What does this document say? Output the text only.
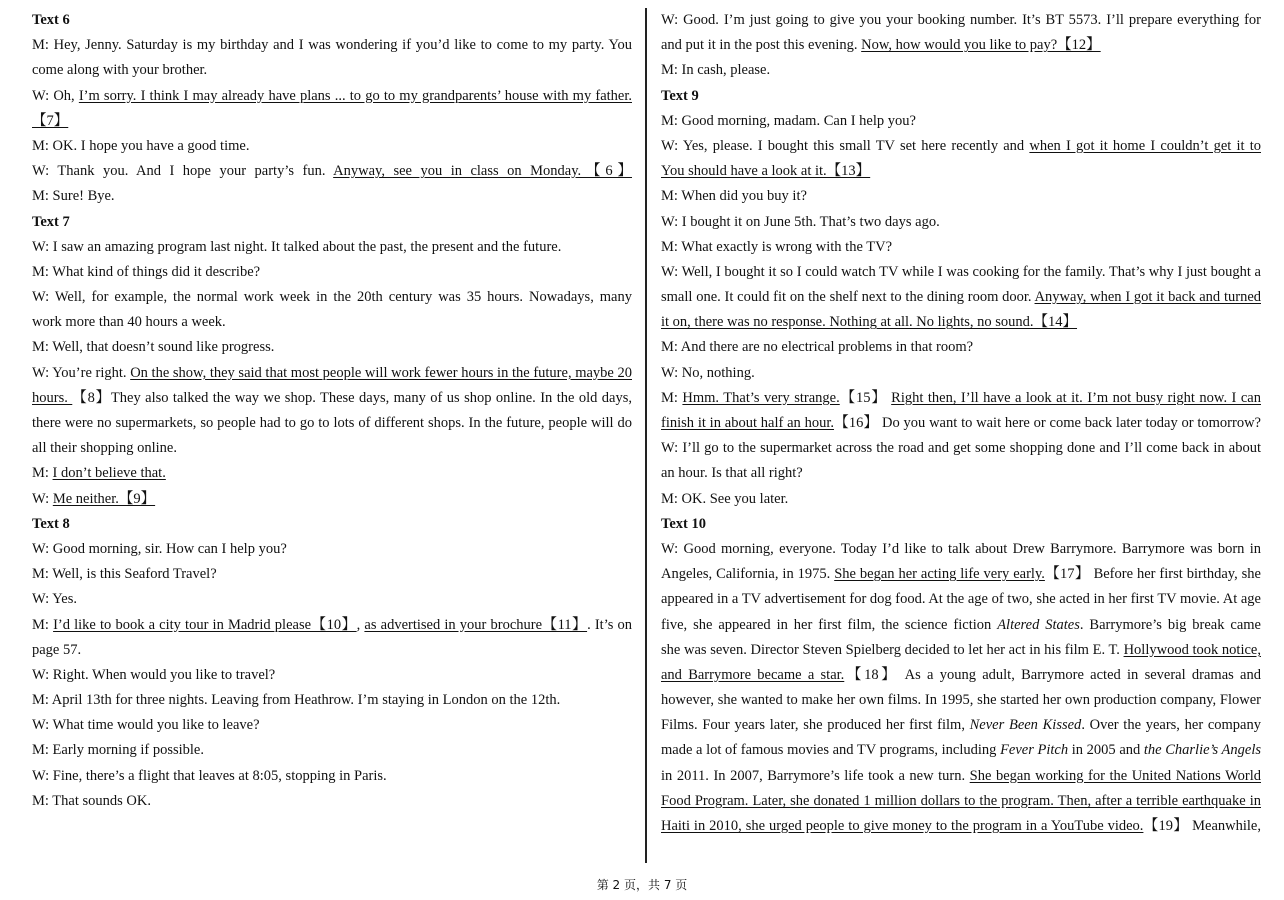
Text 6
M: Hey, Jenny. Saturday is my birthday and I was wondering if you’d like to come to my party. You
come along with your brother.
W: Oh, I’m sorry. I think I may already have plans ... to go to my grandparents’ house with my father.
【7】
M: OK. I hope you have a good time.
W: Thank you. And I hope your party’s fun. Anyway, see you in class on Monday.【6】
M: Sure! Bye.
Text 7
W: I saw an amazing program last night. It talked about the past, the present and the future.
M: What kind of things did it describe?
W: Well, for example, the normal work week in the 20th century was 35 hours. Nowadays, many
work more than 40 hours a week.
M: Well, that doesn’t sound like progress.
W: You’re right. On the show, they said that most people will work fewer hours in the future, maybe 20
hours. 【8】They also talked the way we shop. These days, many of us shop online. In the old days,
there were no supermarkets, so people had to go to lots of different shops. In the future, people will do
all their shopping online.
M: I don’t believe that.
W: Me neither.【9】
Text 8
W: Good morning, sir. How can I help you?
M: Well, is this Seaford Travel?
W: Yes.
M: I’d like to book a city tour in Madrid please【10】, as advertised in your brochure【11】. It’s on
page 57.
W: Right. When would you like to travel?
M: April 13th for three nights. Leaving from Heathrow. I’m staying in London on the 12th.
W: What time would you like to leave?
M: Early morning if possible.
W: Fine, there’s a flight that leaves at 8:05, stopping in Paris.
M: That sounds OK.
W: Good. I’m just going to give you your booking number. It’s BT 5573. I’ll prepare everything for
and put it in the post this evening. Now, how would you like to pay?【12】
M: In cash, please.
Text 9
M: Good morning, madam. Can I help you?
W: Yes, please. I bought this small TV set here recently and when I got it home I couldn’t get it to
You should have a look at it.【13】
M: When did you buy it?
W: I bought it on June 5th. That’s two days ago.
M: What exactly is wrong with the TV?
W: Well, I bought it so I could watch TV while I was cooking for the family. That’s why I just bought a
small one. It could fit on the shelf next to the dining room door. Anyway, when I got it back and turned
it on, there was no response. Nothing at all. No lights, no sound.【14】
M: And there are no electrical problems in that room?
W: No, nothing.
M: Hmm. That’s very strange.【15】 Right then, I’ll have a look at it. I’m not busy right now. I can
finish it in about half an hour.【16】 Do you want to wait here or come back later today or tomorrow?
W: I’ll go to the supermarket across the road and get some shopping done and I’ll come back in about
an hour. Is that all right?
M: OK. See you later.
Text 10
W: Good morning, everyone. Today I’d like to talk about Drew Barrymore. Barrymore was born in
Angeles, California, in 1975. She began her acting life very early.【17】 Before her first birthday, she
appeared in a TV advertisement for dog food. At the age of two, she acted in her first TV movie. At age
five, she appeared in her first film, the science fiction Altered States. Barrymore’s big break came
she was seven. Director Steven Spielberg decided to let her act in his film E. T. Hollywood took notice,
and Barrymore became a star.【18】 As a young adult, Barrymore acted in several dramas and
however, she wanted to make her own films. In 1995, she started her own production company, Flower
Films. Four years later, she produced her first film, Never Been Kissed. Over the years, her company
made a lot of famous movies and TV programs, including Fever Pitch in 2005 and the Charlie’s Angels
in 2011. In 2007, Barrymore’s life took a new turn. She began working for the United Nations World
Food Program. Later, she donated 1 million dollars to the program. Then, after a terrible earthquake in
Haiti in 2010, she urged people to give money to the program in a YouTube video.【19】 Meanwhile,
第 2 页，共 7 页
